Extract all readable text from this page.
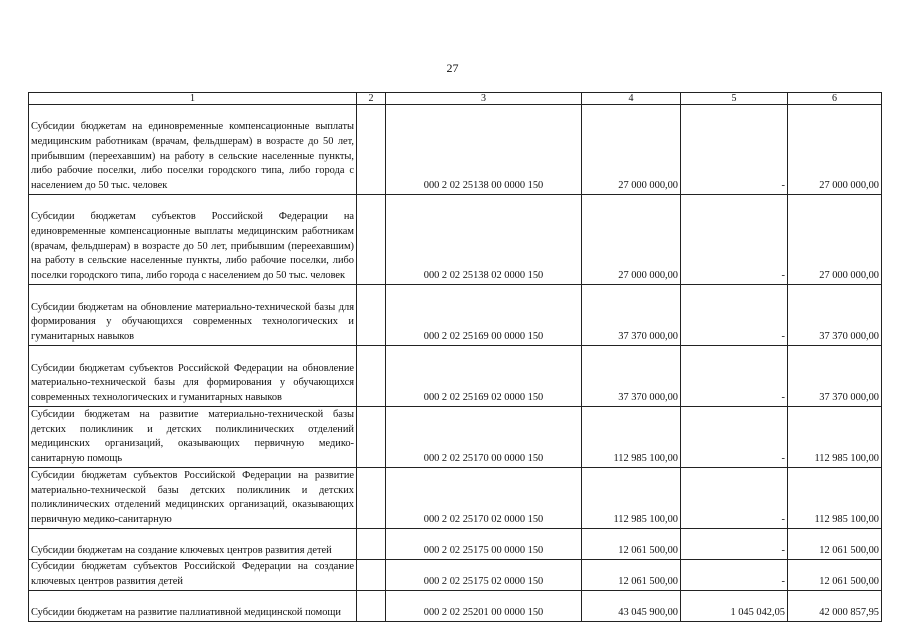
27
1	2	3	4	5	6
Субсидии бюджетам на единовременные компенсационные выплаты медицинским работникам (врачам, фельдшерам) в возрасте до 50 лет, прибывшим (переехавшим) на работу в сельские населенные пункты, либо рабочие поселки, либо поселки городского типа, либо города с населением до 50 тыс. человек		000 2 02 25138 00 0000 150	27 000 000,00	-	27 000 000,00
Субсидии бюджетам субъектов Российской Федерации на единовременные компенсационные выплаты медицинским работникам (врачам, фельдшерам) в возрасте до 50 лет, прибывшим (переехавшим) на работу в сельские населенные пункты, либо рабочие поселки, либо поселки городского типа, либо города с населением до 50 тыс. человек		000 2 02 25138 02 0000 150	27 000 000,00	-	27 000 000,00
Субсидии бюджетам на обновление материально-технической базы для формирования у обучающихся современных технологических и гуманитарных навыков		000 2 02 25169 00 0000 150	37 370 000,00	-	37 370 000,00
Субсидии бюджетам субъектов Российской Федерации на обновление материально-технической базы для формирования у обучающихся современных технологических и гуманитарных навыков		000 2 02 25169 02 0000 150	37 370 000,00	-	37 370 000,00
Субсидии бюджетам на развитие материально-технической базы детских поликлиник и детских поликлинических отделений медицинских организаций, оказывающих первичную медико-санитарную помощь		000 2 02 25170 00 0000 150	112 985 100,00	-	112 985 100,00
Субсидии бюджетам субъектов Российской Федерации на развитие материально-технической базы детских поликлиник и детских поликлинических отделений медицинских организаций, оказывающих первичную медико-санитарную		000 2 02 25170 02 0000 150	112 985 100,00	-	112 985 100,00
Субсидии бюджетам на создание ключевых центров развития детей		000 2 02 25175 00 0000 150	12 061 500,00	-	12 061 500,00
Субсидии бюджетам субъектов Российской Федерации на создание ключевых центров развития детей		000 2 02 25175 02 0000 150	12 061 500,00	-	12 061 500,00
Субсидии бюджетам на развитие паллиативной медицинской помощи		000 2 02 25201 00 0000 150	43 045 900,00	1 045 042,05	42 000 857,95
